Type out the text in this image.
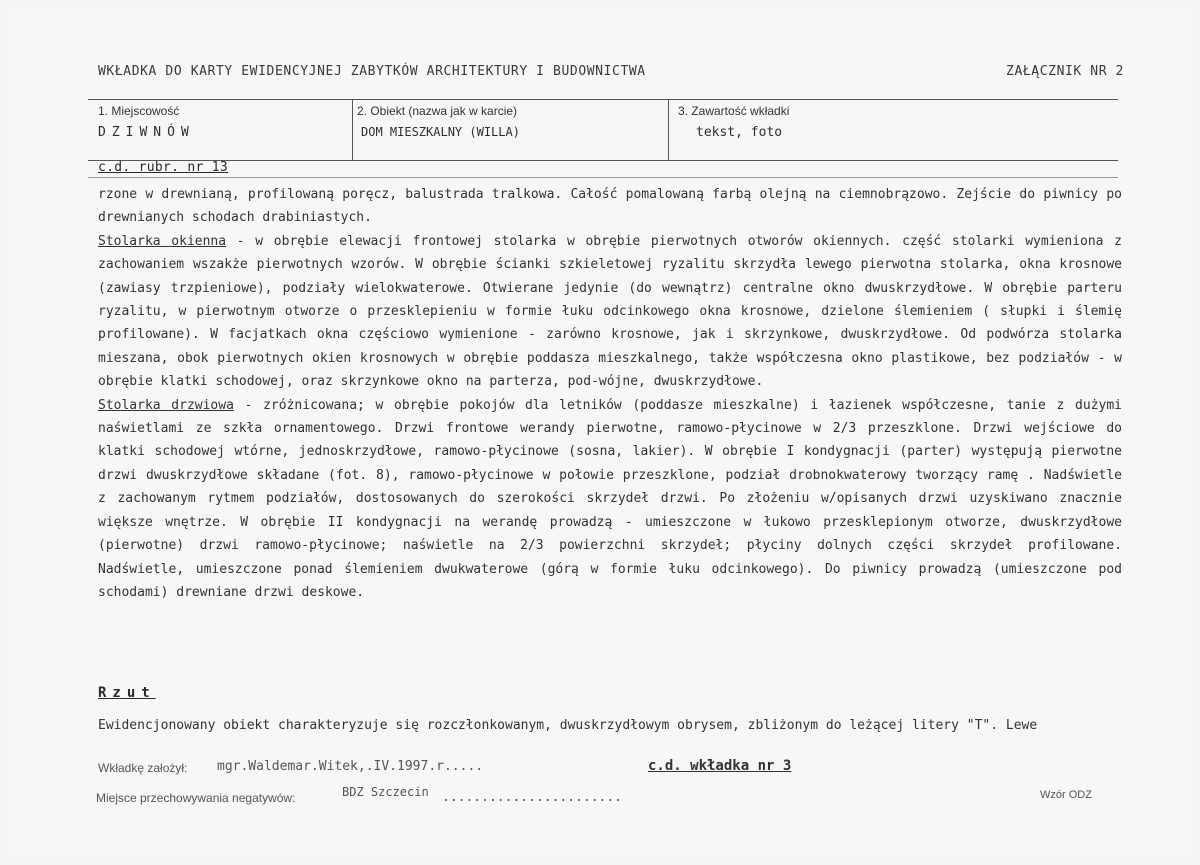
WKŁADKA DO KARTY EWIDENCYJNEJ ZABYTKÓW ARCHITEKTURY I BUDOWNICTWA	ZAŁĄCZNIK NR 2
1. Miejscowość
DZIWNÓW
2. Obiekt (nazwa jak w karcie)
DOM MIESZKALNY (WILLA)
3. Zawartość wkładki
tekst, foto
c.d. rubr. nr 13

rzone w drewnianą, profilowaną poręcz, balustrada tralkowa. Całość pomalowaną farbą olejną na ciemnobrązowo. Zejście do piwnicy po drewnianych schodach drabiniastych.

Stolarka okienna - w obrębie elewacji frontowej stolarka w obrębie pierwotnych otworów okiennych. część stolarki wymieniona z zachowaniem wszakże pierwotnych wzorów. W obrębie ścianki szkieletowej ryzalitu skrzydła lewego pierwotna stolarka, okna krosnowe (zawiasy trzpieniowe), podziały wielokwaterowe. Otwierane jedynie (do wewnątrz) centralne okno dwuskrzydłowe. W obrębie parteru ryzalitu, w pierwotnym otworze o przesklepieniu w formie łuku odcinkowego okna krosnowe, dzielone ślemieniem ( słupki i ślemię profilowane). W facjatkach okna częściowo wymienione - zarówno krosnowe, jak i skrzynkowe, dwuskrzydłowe. Od podwórza stolarka mieszana, obok pierwotnych okien krosnowych w obrębie poddasza mieszkalnego, także współczesna okno plastikowe, bez podziałów - w obrębie klatki schodowej, oraz skrzynkowe okno na parterza, pod-wójne, dwuskrzydłowe.

Stolarka drzwiowa - zróżnicowana; w obrębie pokojów dla letników (poddasze mieszkalne) i łazienek współczesne, tanie z dużymi naświetlami ze szkła ornamentowego. Drzwi frontowe werandy pierwotne, ramowo-płycinowe w 2/3 przeszklone. Drzwi wejściowe do klatki schodowej wtórne, jednoskrzydłowe, ramowo-płycinowe (sosna, lakier). W obrębie I kondygnacji (parter) występują pierwotne drzwi dwuskrzydłowe składane (fot. 8), ramowo-płycinowe w połowie przeszklone, podział drobnokwaterowy tworzący ramę . Nadświetle z zachowanym rytmem podziałów, dostosowanych do szerokości skrzydeł drzwi. Po złożeniu w/opisanych drzwi uzyskiwano znacznie większe wnętrze. W obrębie II kondygnacji na werandę prowadzą - umieszczone w łukowo przesklepionym otworze, dwuskrzydłowe (pierwotne) drzwi ramowo-płycinowe; naświetle na 2/3 powierzchni skrzydeł; płyciny dolnych części skrzydeł profilowane. Nadświetle, umieszczone ponad ślemieniem dwukwaterowe (górą w formie łuku odcinkowego). Do piwnicy prowadzą (umieszczone pod schodami) drewniane drzwi deskowe.

Rzut
Ewidencjonowany obiekt charakteryzuje się rozczłonkowanym, dwuskrzydłowym obrysem, zbliżonym do leżącej litery "T". Lewe
Wkładkę założył: mgr.Waldemar.Witek,.IV.1997.r.....	c.d. wkładka nr 3
Miejsce przechowywania negatywów:	BDZ Szczecin .......................	Wzór ODZ
